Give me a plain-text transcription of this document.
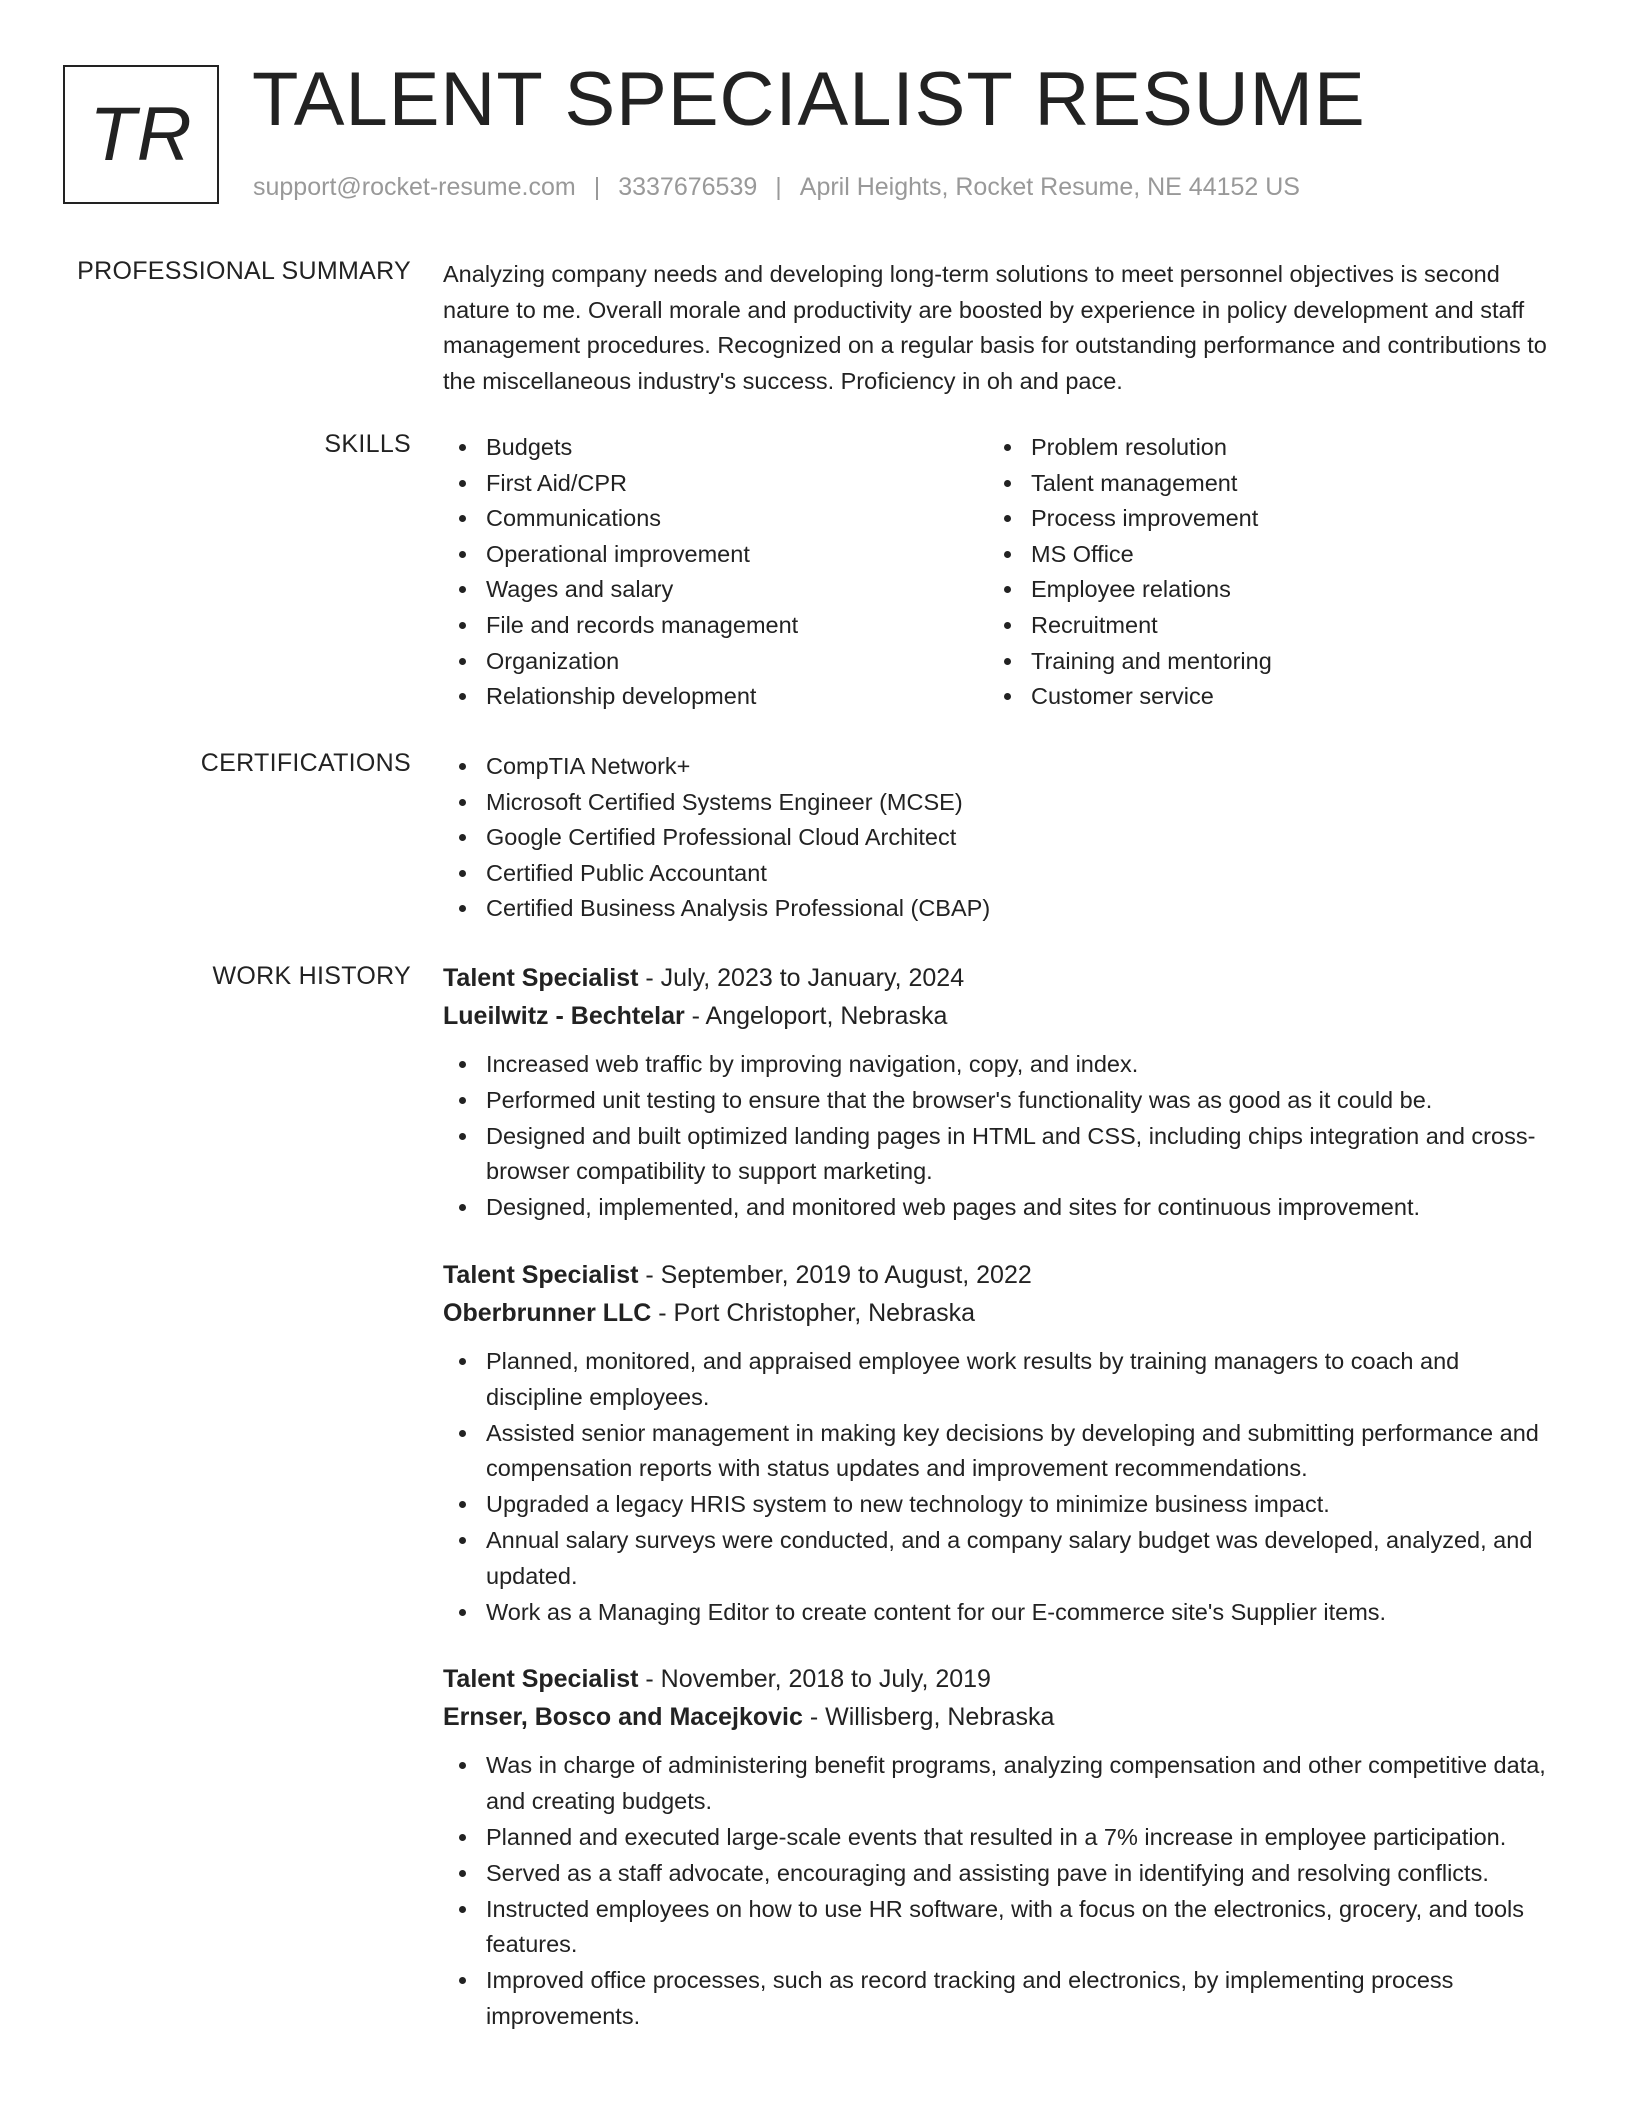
TR TALENT SPECIALIST RESUME
support@rocket-resume.com | 3337676539 | April Heights, Rocket Resume, NE 44152 US
PROFESSIONAL SUMMARY Analyzing company needs and developing long-term solutions to meet personnel objectives is second nature to me. Overall morale and productivity are boosted by experience in policy development and staff management procedures. Recognized on a regular basis for outstanding performance and contributions to the miscellaneous industry's success. Proficiency in oh and pace.

SKILLS	Budgets
First Aid/CPR
Communications
Operational improvement
Wages and salary
File and records management
Organization
Relationship development
Problem resolution
Talent management
Process improvement
MS Office
Employee relations
Recruitment
Training and mentoring
Customer service
CERTIFICATIONS	CompTIA Network+
Microsoft Certified Systems Engineer (MCSE)
Google Certified Professional Cloud Architect
Certified Public Accountant
Certified Business Analysis Professional (CBAP)
WORK HISTORY Talent Specialist - July, 2023 to January, 2024
Lueilwitz - Bechtelar - Angeloport, Nebraska
Increased web traffic by improving navigation, copy, and index.
Performed unit testing to ensure that the browser's functionality was as good as it could be.
Designed and built optimized landing pages in HTML and CSS, including chips integration and cross-browser compatibility to support marketing.
Designed, implemented, and monitored web pages and sites for continuous improvement.
Talent Specialist - September, 2019 to August, 2022
Oberbrunner LLC - Port Christopher, Nebraska
Planned, monitored, and appraised employee work results by training managers to coach and discipline employees.
Assisted senior management in making key decisions by developing and submitting performance and compensation reports with status updates and improvement recommendations.
Upgraded a legacy HRIS system to new technology to minimize business impact.
Annual salary surveys were conducted, and a company salary budget was developed, analyzed, and updated.
Work as a Managing Editor to create content for our E-commerce site's Supplier items.
Talent Specialist - November, 2018 to July, 2019
Ernser, Bosco and Macejkovic - Willisberg, Nebraska
Was in charge of administering benefit programs, analyzing compensation and other competitive data, and creating budgets.
Planned and executed large-scale events that resulted in a 7% increase in employee participation.
Served as a staff advocate, encouraging and assisting pave in identifying and resolving conflicts.
Instructed employees on how to use HR software, with a focus on the electronics, grocery, and tools features.
Improved office processes, such as record tracking and electronics, by implementing process improvements.
